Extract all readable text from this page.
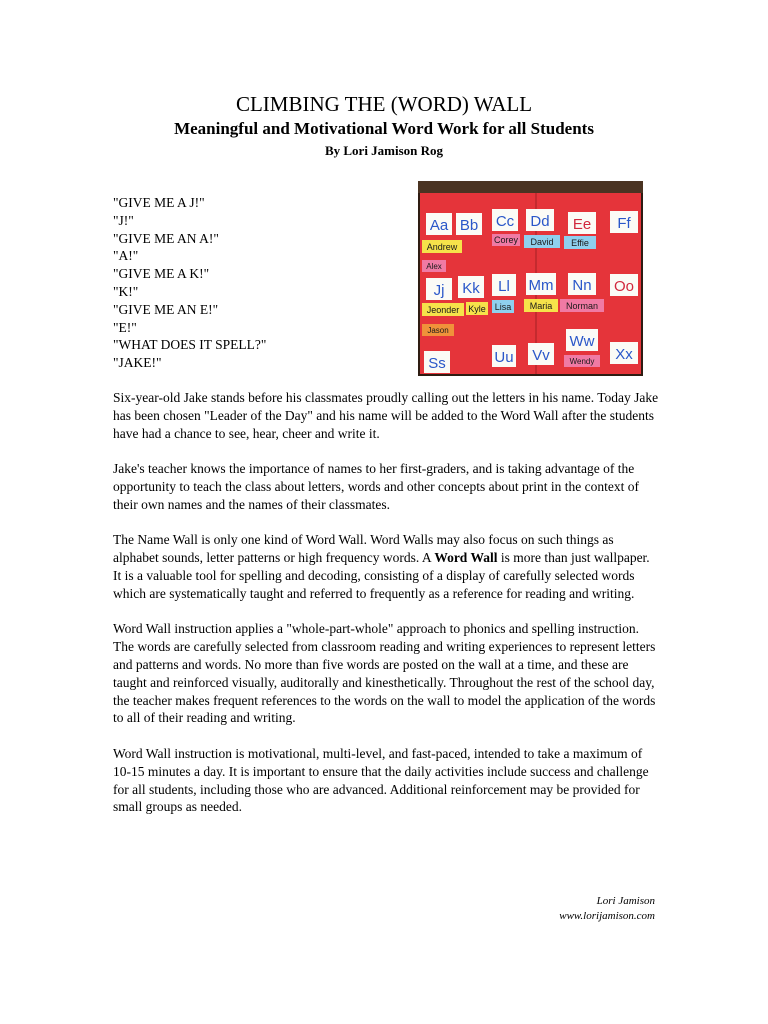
CLIMBING THE (WORD) WALL
Meaningful and Motivational Word Work for all Students
By Lori Jamison Rog
"GIVE ME A J!"
"J!"
"GIVE ME AN A!"
"A!"
"GIVE ME A K!"
"K!"
"GIVE ME AN E!"
"E!"
"WHAT DOES IT SPELL?"
"JAKE!"
Aa Bb Cc Dd Ee Ff
Andrew
Alex
Corey David Effie
Jj Kk Ll Mm Nn Oo
Jeonder Kyle Lisa Maria Norman
Jason
Ss	Uu Vv
Ww
Xx
Wendy

Six-year-old Jake stands before his classmates proudly calling out the letters in his name. Today Jake has been chosen "Leader of the Day" and his name will be added to the Word Wall after the students have had a chance to see, hear, cheer and write it.

Jake's teacher knows the importance of names to her first-graders, and is taking advantage of the opportunity to teach the class about letters, words and other concepts about print in the context of their own names and the names of their classmates.

The Name Wall is only one kind of Word Wall. Word Walls may also focus on such things as alphabet sounds, letter patterns or high frequency words. A Word Wall is more than just wallpaper. It is a valuable tool for spelling and decoding, consisting of a display of carefully selected words which are systematically taught and referred to frequently as a reference for reading and writing.

Word Wall instruction applies a "whole-part-whole" approach to phonics and spelling instruction. The words are carefully selected from classroom reading and writing experiences to represent letters and patterns and words. No more than five words are posted on the wall at a time, and these are taught and reinforced visually, auditorally and kinesthetically. Throughout the rest of the school day, the teacher makes frequent references to the words on the wall to model the application of the words to all of their reading and writing.

Word Wall instruction is motivational, multi-level, and fast-paced, intended to take a maximum of 10-15 minutes a day. It is important to ensure that the daily activities include success and challenge for all students, including those who are advanced. Additional reinforcement may be provided for small groups as needed.

Lori Jamison
www.lorijamison.com
